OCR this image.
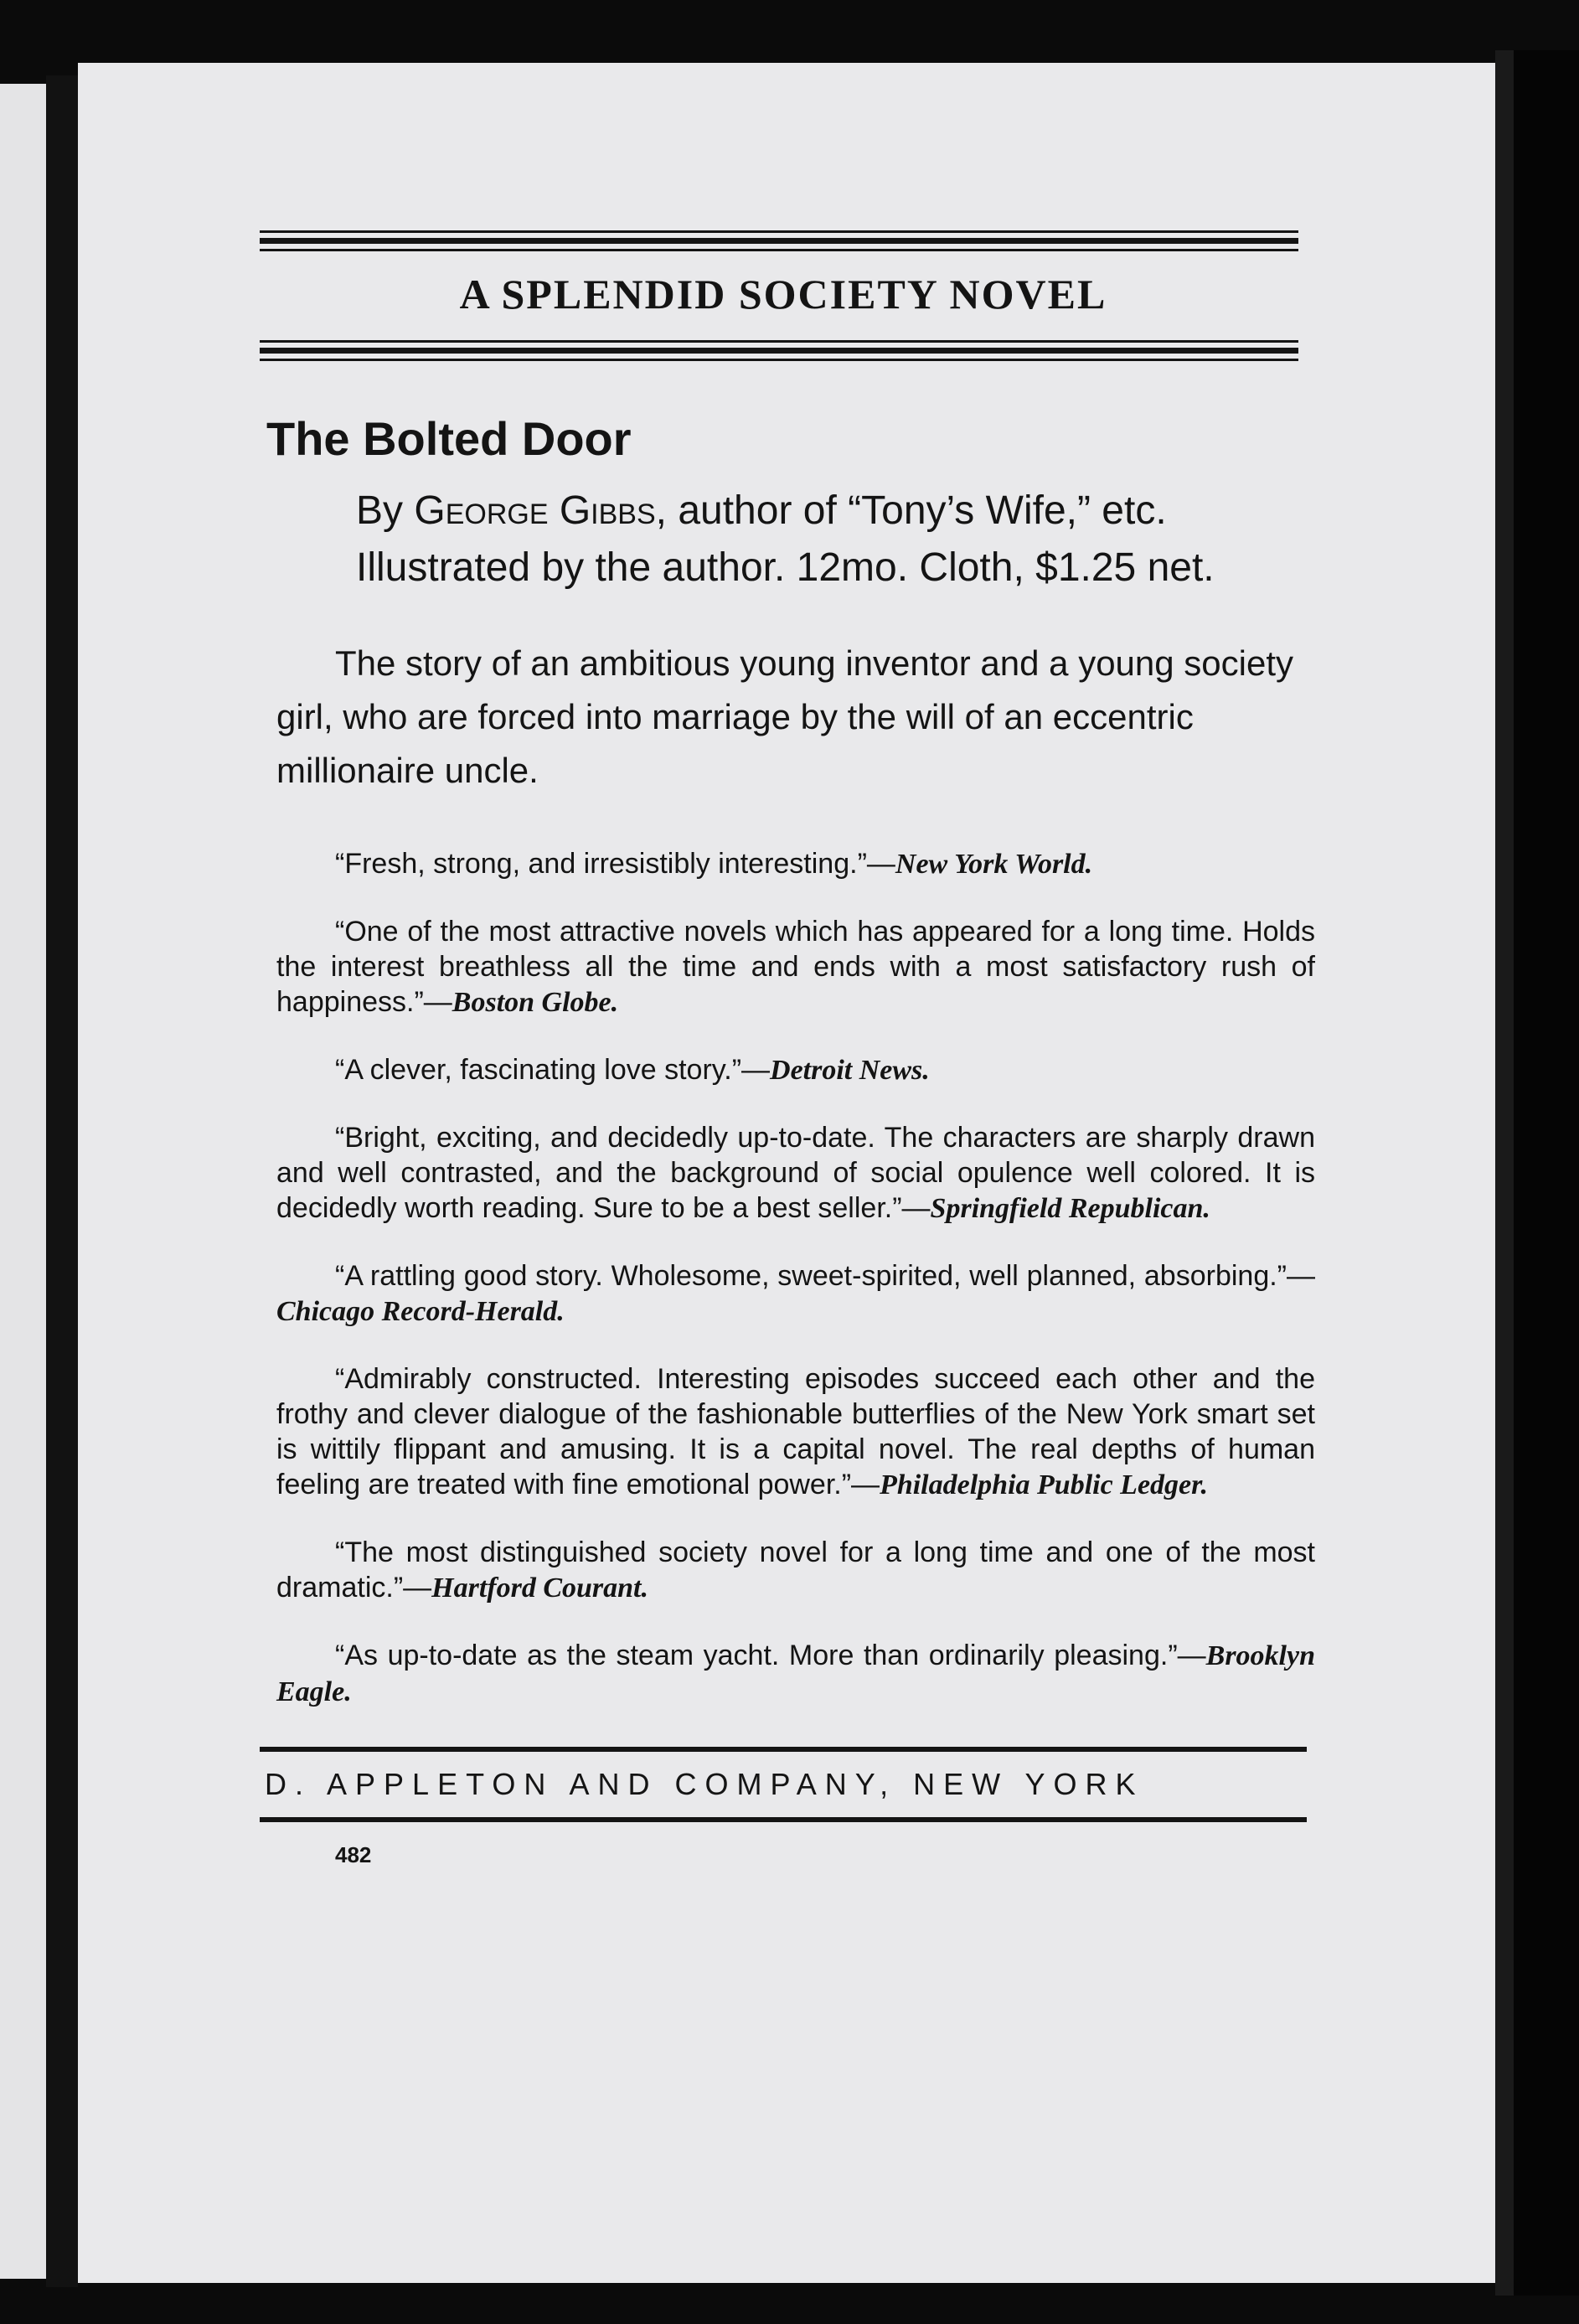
A SPLENDID SOCIETY NOVEL
The Bolted Door
By George Gibbs, author of “Tony’s Wife,” etc. Illustrated by the author. 12mo. Cloth, $1.25 net.
The story of an ambitious young inventor and a young society girl, who are forced into marriage by the will of an eccentric millionaire uncle.
“Fresh, strong, and irresistibly interesting.”—New York World.
“One of the most attractive novels which has appeared for a long time. Holds the interest breathless all the time and ends with a most satisfactory rush of happiness.”—Boston Globe.
“A clever, fascinating love story.”—Detroit News.
“Bright, exciting, and decidedly up-to-date. The characters are sharply drawn and well contrasted, and the background of social opulence well colored. It is decidedly worth reading. Sure to be a best seller.”—Springfield Republican.
“A rattling good story. Wholesome, sweet-spirited, well planned, absorbing.”—Chicago Record-Herald.
“Admirably constructed. Interesting episodes succeed each other and the frothy and clever dialogue of the fashionable butterflies of the New York smart set is wittily flippant and amusing. It is a capital novel. The real depths of human feeling are treated with fine emotional power.”—Philadelphia Public Ledger.
“The most distinguished society novel for a long time and one of the most dramatic.”—Hartford Courant.
“As up-to-date as the steam yacht. More than ordinarily pleasing.”—Brooklyn Eagle.
D. APPLETON AND COMPANY, NEW YORK
482
